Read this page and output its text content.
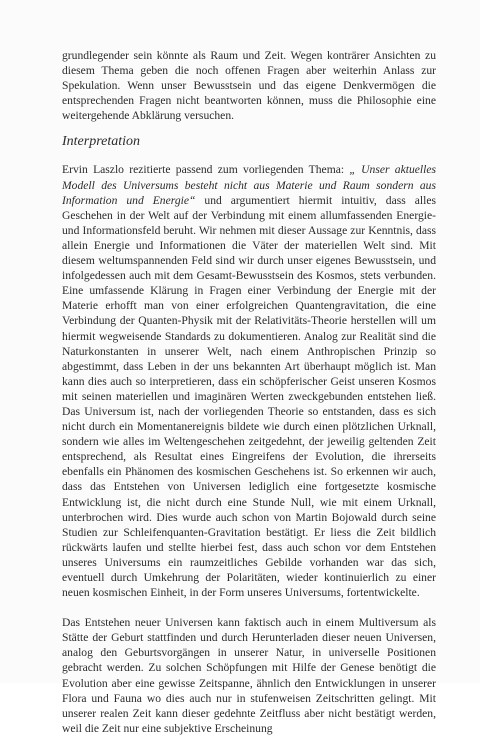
grundlegender sein könnte als Raum und Zeit. Wegen konträrer Ansichten zu diesem Thema geben die noch offenen Fragen aber weiterhin Anlass zur Spekulation. Wenn unser Bewusstsein und das eigene Denkvermögen die entsprechenden Fragen nicht beantworten können, muss die Philosophie eine weitergehende Abklärung versuchen.

Interpretation

Ervin Laszlo rezitierte passend zum vorliegenden Thema: „ Unser aktuelles Modell des Universums besteht nicht aus Materie und Raum sondern aus Information und Energie“ und argumentiert hiermit intuitiv, dass alles Geschehen in der Welt auf der Verbindung mit einem allumfassenden Energie- und Informationsfeld beruht. Wir nehmen mit dieser Aussage zur Kenntnis, dass allein Energie und Informationen die Väter der materiellen Welt sind. Mit diesem weltumspannenden Feld sind wir durch unser eigenes Bewusstsein, und infolgedessen auch mit dem Gesamt-Bewusstsein des Kosmos, stets verbunden. Eine umfassende Klärung in Fragen einer Verbindung der Energie mit der Materie erhofft man von einer erfolgreichen Quantengravitation, die eine Verbindung der Quanten-Physik mit der Relativitäts-Theorie herstellen will um hiermit wegweisende Standards zu dokumentieren. Analog zur Realität sind die Naturkonstanten in unserer Welt, nach einem Anthropischen Prinzip so abgestimmt, dass Leben in der uns bekannten Art überhaupt möglich ist. Man kann dies auch so interpretieren, dass ein schöpferischer Geist unseren Kosmos mit seinen materiellen und imaginären Werten zweckgebunden entstehen ließ. Das Universum ist, nach der vorliegenden Theorie so entstanden, dass es sich nicht durch ein Momentanereignis bildete wie durch einen plötzlichen Urknall, sondern wie alles im Weltengeschehen zeitgedehnt, der jeweilig geltenden Zeit entsprechend, als Resultat eines Eingreifens der Evolution, die ihrerseits ebenfalls ein Phänomen des kosmischen Geschehens ist. So erkennen wir auch, dass das Entstehen von Universen lediglich eine fortgesetzte kosmische Entwicklung ist, die nicht durch eine Stunde Null, wie mit einem Urknall, unterbrochen wird. Dies wurde auch schon von Martin Bojowald durch seine Studien zur Schleifenquanten-Gravitation bestätigt. Er liess die Zeit bildlich rückwärts laufen und stellte hierbei fest, dass auch schon vor dem Entstehen unseres Universums ein raumzeitliches Gebilde vorhanden war das sich, eventuell durch Umkehrung der Polaritäten, wieder kontinuierlich zu einer neuen kosmischen Einheit, in der Form unseres Universums, fortentwickelte.

Das Entstehen neuer Universen kann faktisch auch in einem Multiversum als Stätte der Geburt stattfinden und durch Herunterladen dieser neuen Universen, analog den Geburtsvorgängen in unserer Natur, in universelle Positionen gebracht werden. Zu solchen Schöpfungen mit Hilfe der Genese benötigt die Evolution aber eine gewisse Zeitspanne, ähnlich den Entwicklungen in unserer Flora und Fauna wo dies auch nur in stufenweisen Zeitschritten gelingt. Mit unserer realen Zeit kann dieser gedehnte Zeitfluss aber nicht bestätigt werden, weil die Zeit nur eine subjektive Erscheinung
